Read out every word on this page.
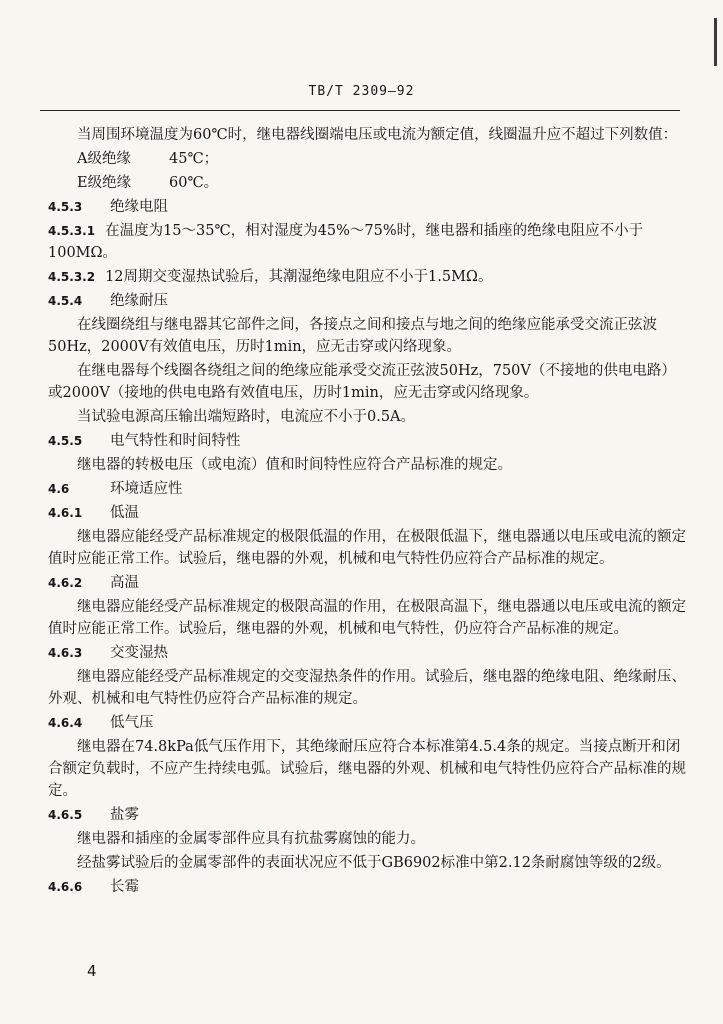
TB/T 2309—92

当周围环境温度为60℃时，继电器线圈端电压或电流为额定值，线圈温升应不超过下列数值：

A级绝缘	45℃；

E级绝缘	60℃。

4.5.3 绝缘电阻

4.5.3.1 在温度为15～35℃，相对湿度为45%～75%时，继电器和插座的绝缘电阻应不小于100MΩ。

4.5.3.2 12周期交变湿热试验后，其潮湿绝缘电阻应不小于1.5MΩ。

4.5.4 绝缘耐压

在线圈绕组与继电器其它部件之间，各接点之间和接点与地之间的绝缘应能承受交流正弦波50Hz，2000V有效值电压，历时1min，应无击穿或闪络现象。

在继电器每个线圈各绕组之间的绝缘应能承受交流正弦波50Hz，750V（不接地的供电电路）或2000V（接地的供电电路有效值电压，历时1min，应无击穿或闪络现象。

当试验电源高压输出端短路时，电流应不小于0.5A。

4.5.5 电气特性和时间特性

继电器的转极电压（或电流）值和时间特性应符合产品标准的规定。

4.6	环境适应性

4.6.1 低温

继电器应能经受产品标准规定的极限低温的作用，在极限低温下，继电器通以电压或电流的额定值时应能正常工作。试验后，继电器的外观，机械和电气特性仍应符合产品标准的规定。

4.6.2 高温

继电器应能经受产品标准规定的极限高温的作用，在极限高温下，继电器通以电压或电流的额定值时应能正常工作。试验后，继电器的外观，机械和电气特性，仍应符合产品标准的规定。

4.6.3 交变湿热

继电器应能经受产品标准规定的交变湿热条件的作用。试验后，继电器的绝缘电阻、绝缘耐压、外观、机械和电气特性仍应符合产品标准的规定。

4.6.4 低气压

继电器在74.8kPa低气压作用下，其绝缘耐压应符合本标准第4.5.4条的规定。当接点断开和闭合额定负载时，不应产生持续电弧。试验后，继电器的外观、机械和电气特性仍应符合产品标准的规定。

4.6.5 盐雾

继电器和插座的金属零部件应具有抗盐雾腐蚀的能力。

经盐雾试验后的金属零部件的表面状况应不低于GB6902标准中第2.12条耐腐蚀等级的2级。

4.6.6 长霉

4
